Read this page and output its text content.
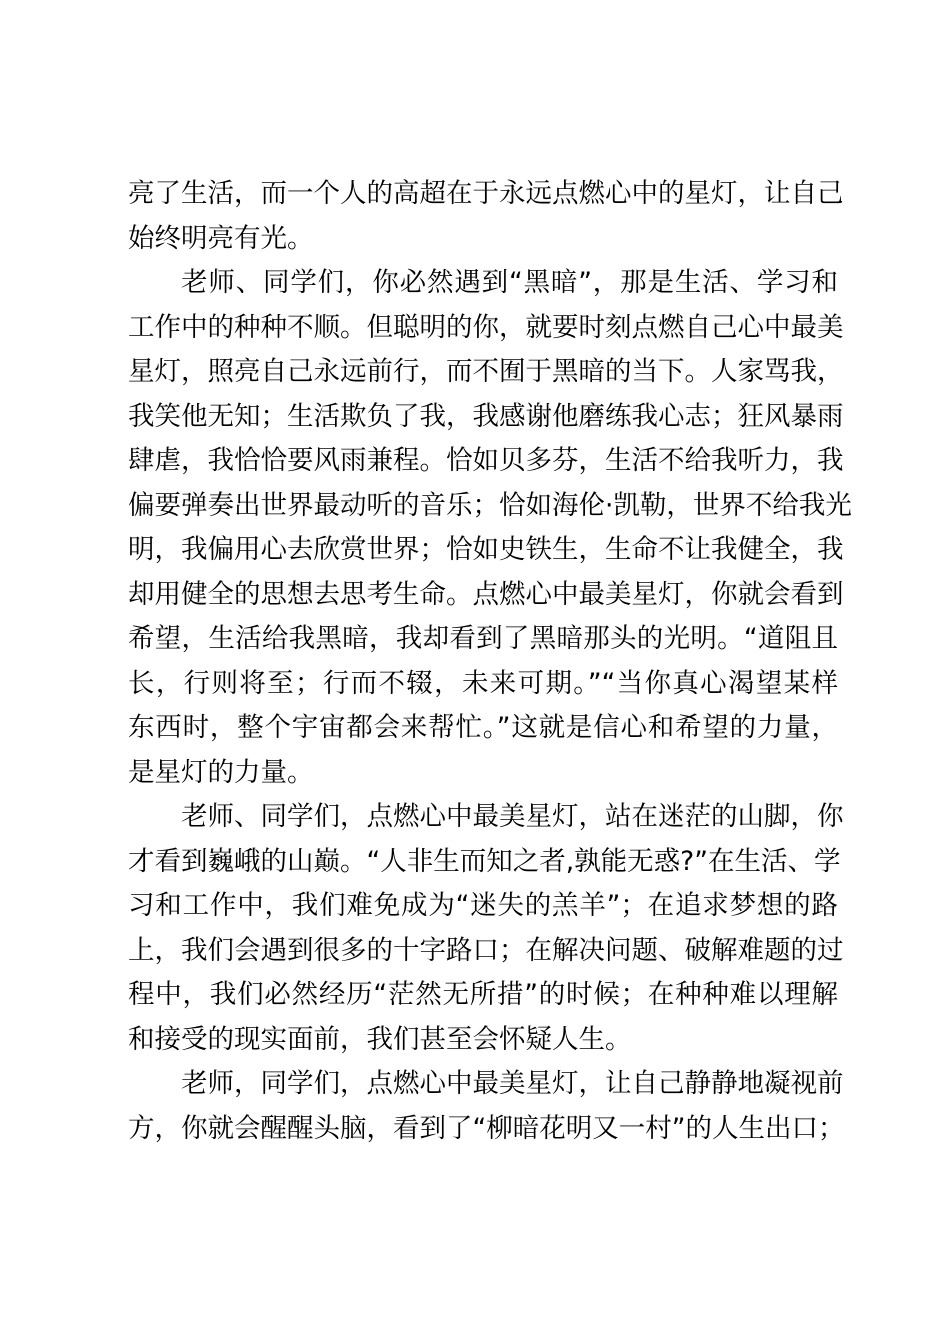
亮了生活，而一个人的高超在于永远点燃心中的星灯，让自己
始终明亮有光。
老师、同学们，你必然遇到“黑暗”，那是生活、学习和
工作中的种种不顺。但聪明的你，就要时刻点燃自己心中最美
星灯，照亮自己永远前行，而不囿于黑暗的当下。人家骂我，
我笑他无知；生活欺负了我，我感谢他磨练我心志；狂风暴雨
肆虐，我恰恰要风雨兼程。恰如贝多芬，生活不给我听力，我
偏要弹奏出世界最动听的音乐；恰如海伦·凯勒，世界不给我光
明，我偏用心去欣赏世界；恰如史铁生，生命不让我健全，我
却用健全的思想去思考生命。点燃心中最美星灯，你就会看到
希望，生活给我黑暗，我却看到了黑暗那头的光明。“道阻且
长，行则将至；行而不辍，未来可期。”“当你真心渴望某样
东西时，整个宇宙都会来帮忙。”这就是信心和希望的力量，
是星灯的力量。
老师、同学们，点燃心中最美星灯，站在迷茫的山脚，你
才看到巍峨的山巅。“人非生而知之者,孰能无惑?”在生活、学
习和工作中，我们难免成为“迷失的羔羊”；在追求梦想的路
上，我们会遇到很多的十字路口；在解决问题、破解难题的过
程中，我们必然经历“茫然无所措”的时候；在种种难以理解
和接受的现实面前，我们甚至会怀疑人生。
老师，同学们，点燃心中最美星灯，让自己静静地凝视前
方，你就会醒醒头脑，看到了“柳暗花明又一村”的人生出口；
